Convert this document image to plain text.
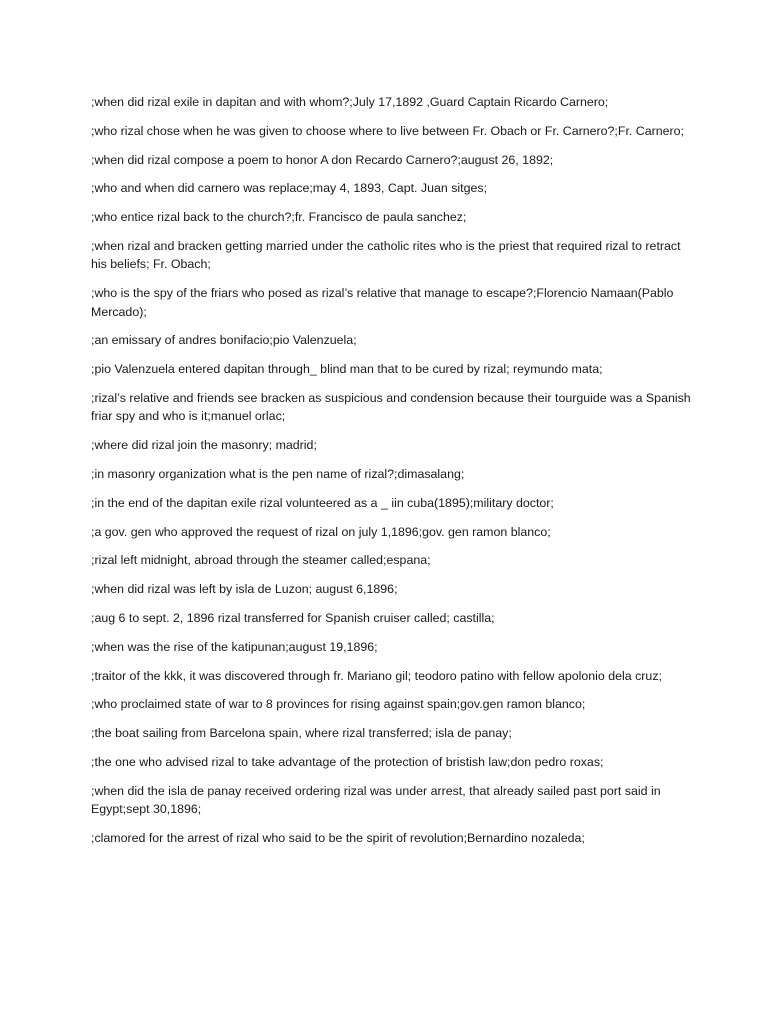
;when did rizal exile in dapitan and with whom?;July 17,1892 ,Guard Captain Ricardo Carnero;

;who rizal chose when he was given to choose where to live between Fr. Obach or Fr. Carnero?;Fr. Carnero;

;when did rizal compose a poem to honor A don Recardo Carnero?;august 26, 1892;

;who and when did carnero was replace;may 4, 1893, Capt. Juan sitges;

;who entice rizal back to the church?;fr. Francisco de paula sanchez;

;when rizal and bracken getting married under the catholic rites who is the priest that required rizal to retract his beliefs; Fr. Obach;

;who is the spy of the friars who posed as rizal’s relative that manage to escape?;Florencio Namaan(Pablo Mercado);

;an emissary of andres bonifacio;pio Valenzuela;

;pio Valenzuela entered dapitan through_ blind man that to be cured by rizal; reymundo mata;

;rizal’s relative and friends see bracken as suspicious and condension because their tourguide was a Spanish friar spy and who is it;manuel orlac;

;where did rizal join the masonry; madrid;

;in masonry organization what is the pen name of rizal?;dimasalang;

;in the end of the dapitan exile rizal volunteered as a _ iin cuba(1895);military doctor;

;a gov. gen who approved the request of rizal on july 1,1896;gov. gen ramon blanco;

;rizal left midnight, abroad through the steamer called;espana;

;when did rizal was left by isla de Luzon; august 6,1896;

;aug 6 to sept. 2, 1896 rizal transferred for Spanish cruiser called; castilla;

;when was the rise of the katipunan;august 19,1896;

;traitor of the kkk, it was discovered through fr. Mariano gil; teodoro patino with fellow apolonio dela cruz;

;who proclaimed state of war to 8 provinces for rising against spain;gov.gen ramon blanco;

;the boat sailing from Barcelona spain, where rizal transferred; isla de panay;

;the one who advised rizal to take advantage of the protection of bristish law;don pedro roxas;

;when did the isla de panay received ordering rizal was under arrest, that already sailed past port said in Egypt;sept 30,1896;

;clamored for the arrest of rizal who said to be the spirit of revolution;Bernardino nozaleda;
